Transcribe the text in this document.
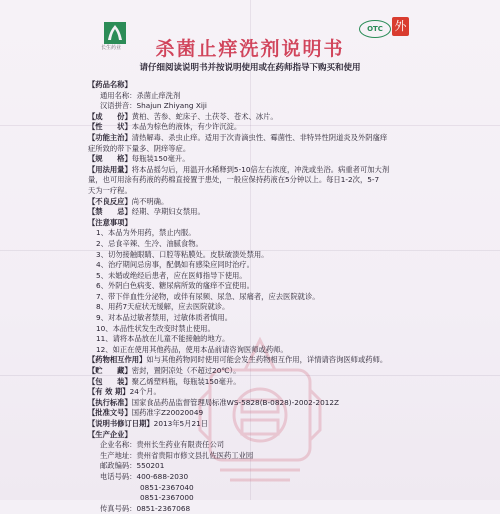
长生药业
OTC 外
杀菌止痒洗剂说明书
请仔细阅读说明书并按说明使用或在药师指导下购买和使用
【药品名称】
通用名称：杀菌止痒洗剂
汉语拼音：Shajun Zhiyang Xiji
【成　　份】黄柏、苦参、蛇床子、土茯苓、苍术、冰片。
【性　　状】本品为棕色的液体，有少许沉淀。
【功能主治】清热解毒、杀虫止痒。适用于次青滴虫性、霉菌性、非特异性阴道炎及外阴瘙痒
症所致的带下量多、阴痒等症。
【规　　格】每瓶装150毫升。
【用法用量】将本品摇匀后，用温开水稀释到5-10倍左右浓度，冲洗或坐浴。病重者可加大剂
量，也可用涂有药液的药棉直接置于患处，一般应保持药液在5分钟以上。每日1-2次，5-7
天为一疗程。
【不良反应】尚不明确。
【禁　　忌】经期、孕期妇女禁用。
【注意事项】
1、本品为外用药，禁止内服。
2、忌食辛辣、生冷、油腻食物。
3、切勿接触眼睛、口腔等粘膜处。皮肤破溃处禁用。
4、治疗期间忌房事，配偶如有感染应同时治疗。
5、未婚或绝经后患者，应在医师指导下使用。
6、外阴白色病变、糖尿病所致的瘙痒不宜使用。
7、带下伴血性分泌物，或伴有尿频、尿急、尿痛者，应去医院就诊。
8、用药7天症状无缓解，应去医院就诊。
9、对本品过敏者禁用，过敏体质者慎用。
10、本品性状发生改变时禁止使用。
11、请将本品放在儿童不能接触的地方。
12、如正在使用其他药品，使用本品前请咨询医师或药师。
【药物相互作用】如与其他药物同时使用可能会发生药物相互作用，详情请咨询医师或药师。
【贮　　藏】密封，置阴凉处（不超过20℃）。
【包　　装】聚乙烯塑料瓶，每瓶装150毫升。
【有 效 期】24个月。
【执行标准】国家食品药品监督管理局标准WS-5828(B-0828)-2002-2012Z
【批准文号】国药准字Z20020049
【说明书修订日期】2013年5月21日
【生产企业】
企业名称：贵州长生药业有限责任公司
生产地址：贵州省贵阳市修文县扎佐医药工业园
邮政编码：550201
电话号码：400-688-2030
0851-2367040
0851-2367000
传真号码：0851-2367068
